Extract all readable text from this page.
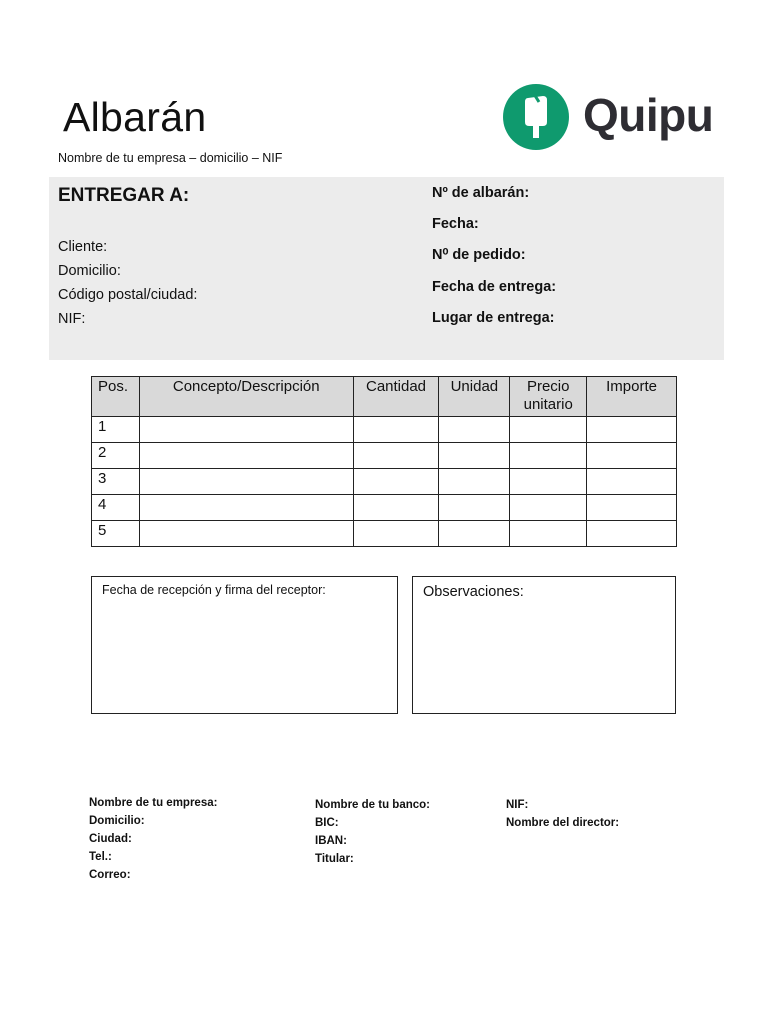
Albarán
Nombre de tu empresa – domicilio – NIF
Quipu
ENTREGAR A:
Cliente:
Domicilio:
Código postal/ciudad:
NIF:
Nº de albarán:
Fecha:
N⁰ de pedido:
Fecha de entrega:
Lugar de entrega:
Pos.	Concepto/Descripción	Cantidad	Unidad	Precio unitario	Importe
1					
2					
3					
4					
5					
Fecha de recepción y firma del receptor:	Observaciones:
Nombre de tu empresa:
Domicilio:
Ciudad:
Tel.:
Correo:
Nombre de tu banco:
BIC:
IBAN:
Titular:
NIF:
Nombre del director:
